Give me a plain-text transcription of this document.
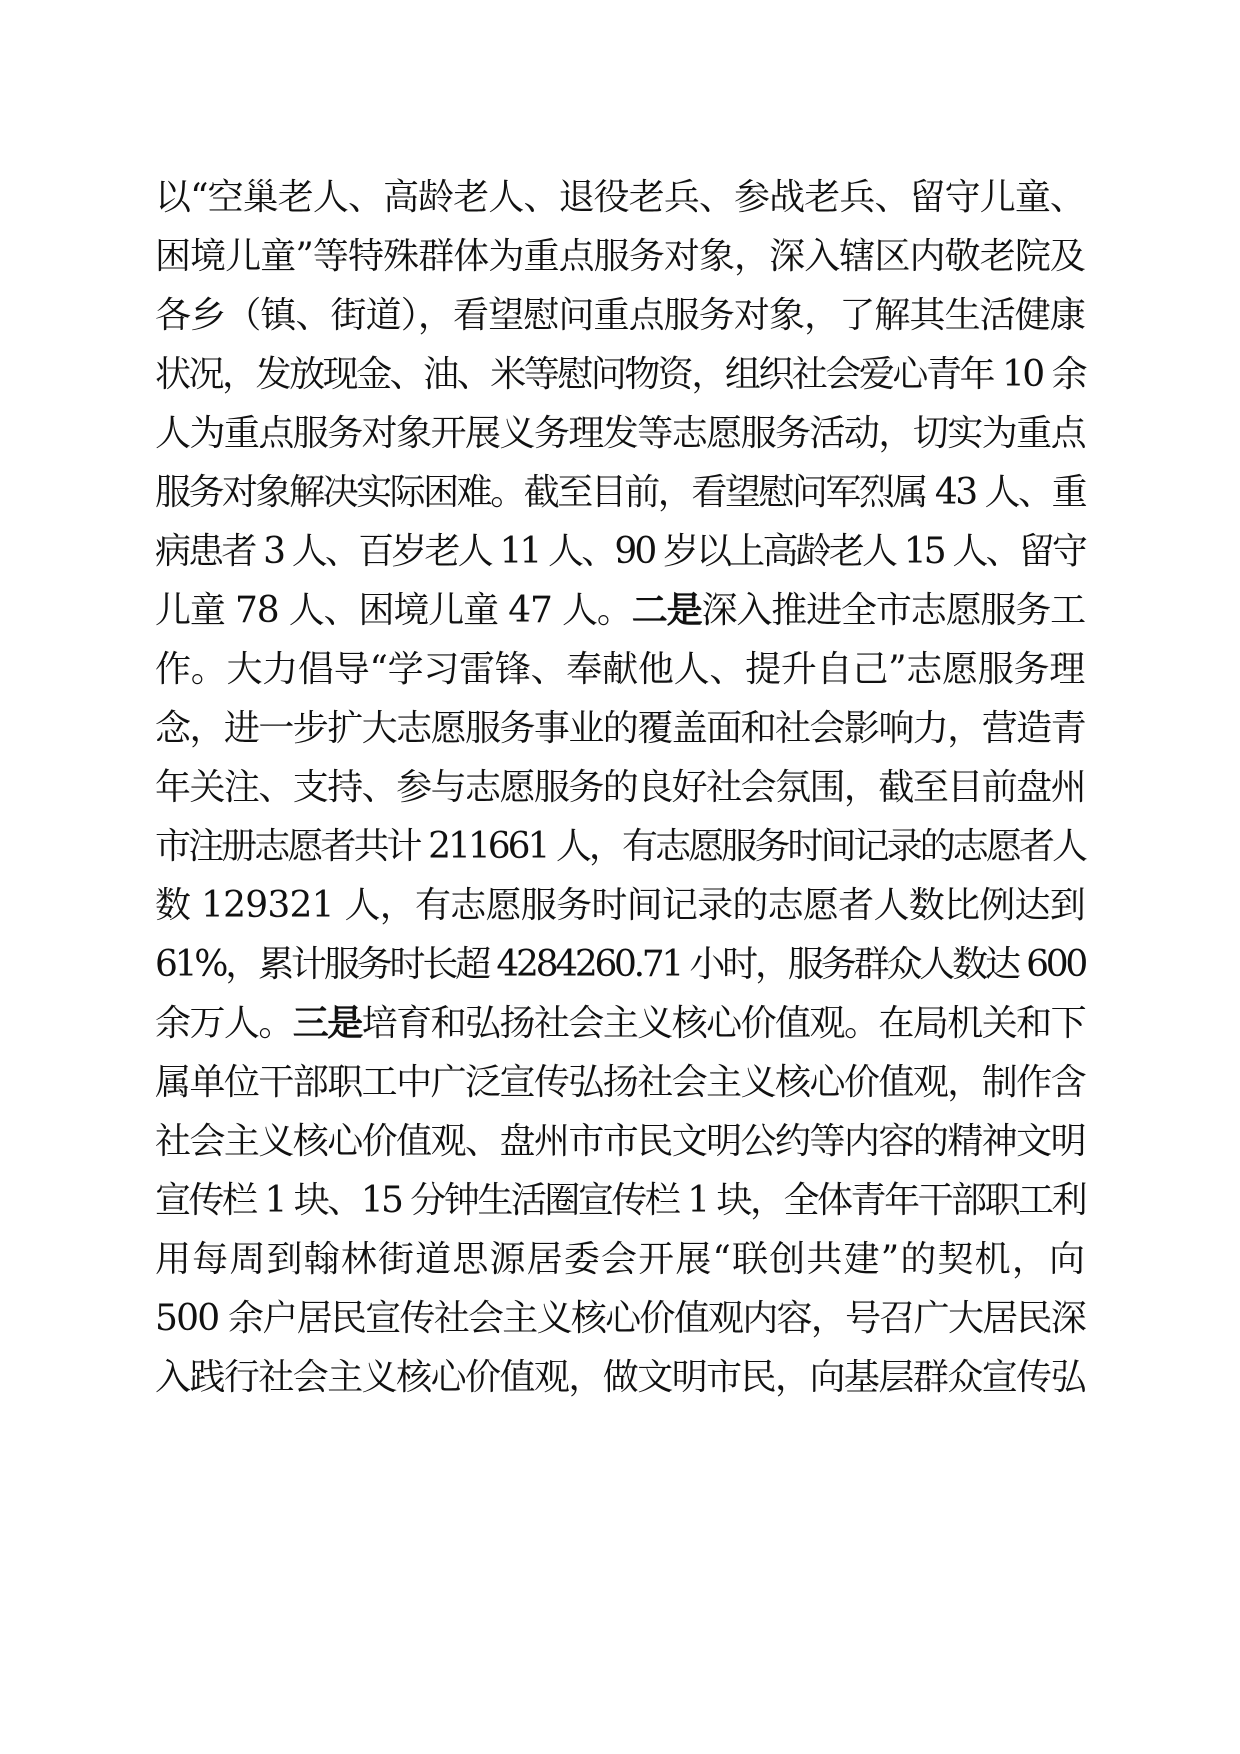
以“空巢老人、高龄老人、退役老兵、参战老兵、留守儿童、
困境儿童”等特殊群体为重点服务对象，深入辖区内敬老院及
各乡（镇、街道），看望慰问重点服务对象，了解其生活健康
状况，发放现金、油、米等慰问物资，组织社会爱心青年 10 余
人为重点服务对象开展义务理发等志愿服务活动，切实为重点
服务对象解决实际困难。截至目前，看望慰问军烈属 43 人、重
病患者 3 人、百岁老人 11 人、90 岁以上高龄老人 15 人、留守
儿童 78 人、困境儿童 47 人。二是深入推进全市志愿服务工
作。大力倡导“学习雷锋、奉献他人、提升自己”志愿服务理
念，进一步扩大志愿服务事业的覆盖面和社会影响力，营造青
年关注、支持、参与志愿服务的良好社会氛围，截至目前盘州
市注册志愿者共计 211661 人，有志愿服务时间记录的志愿者人
数 129321 人，有志愿服务时间记录的志愿者人数比例达到
61%，累计服务时长超 4284260.71 小时，服务群众人数达 600
余万人。三是培育和弘扬社会主义核心价值观。在局机关和下
属单位干部职工中广泛宣传弘扬社会主义核心价值观，制作含
社会主义核心价值观、盘州市市民文明公约等内容的精神文明
宣传栏 1 块、15 分钟生活圈宣传栏 1 块，全体青年干部职工利
用每周到翰林街道思源居委会开展“联创共建”的契机，向
500 余户居民宣传社会主义核心价值观内容，号召广大居民深
入践行社会主义核心价值观，做文明市民，向基层群众宣传弘
